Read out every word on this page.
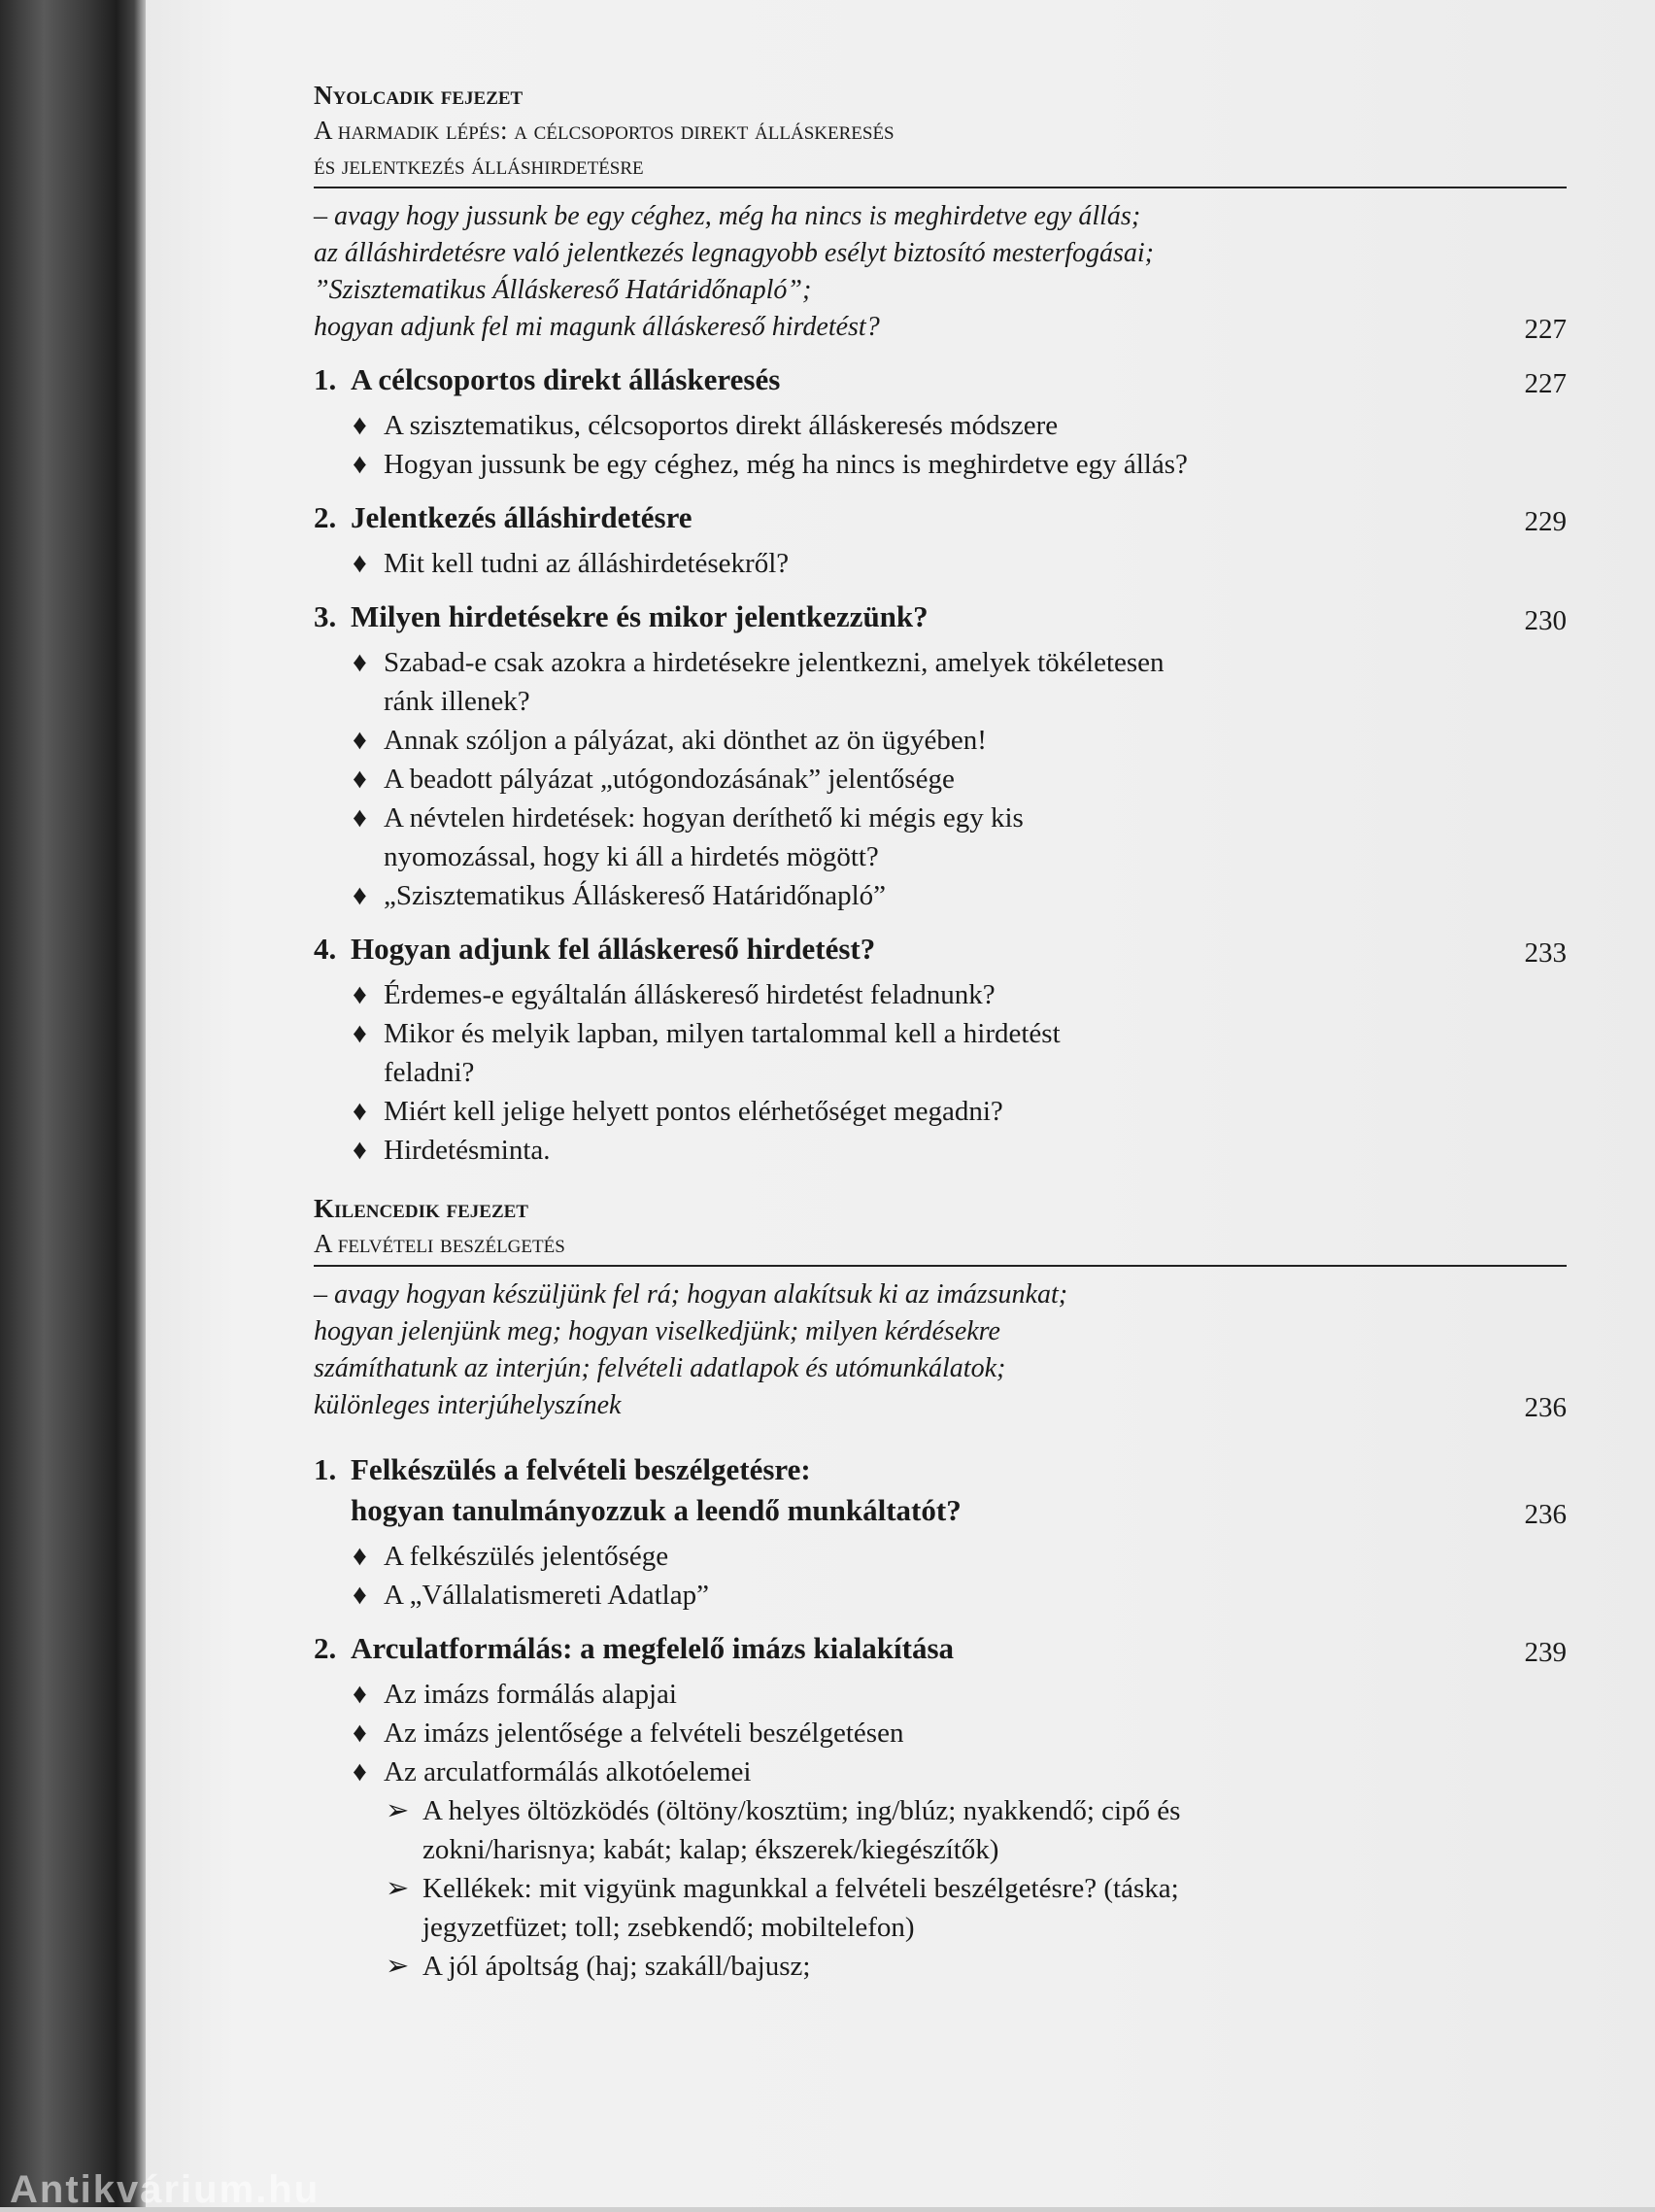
Nyolcadik fejezet
A harmadik lépés: a célcsoportos direkt álláskeresés
és jelentkezés álláshirdetésre
– avagy hogy jussunk be egy céghez, még ha nincs is meghirdetve egy állás;
az álláshirdetésre való jelentkezés legnagyobb esélyt biztosító mesterfogásai;
”Szisztematikus Álláskereső Határidőnapló”;
hogyan adjunk fel mi magunk álláskereső hirdetést?	227
1. A célcsoportos direkt álláskeresés	227
♦ A szisztematikus, célcsoportos direkt álláskeresés módszere
♦ Hogyan jussunk be egy céghez, még ha nincs is meghirdetve egy állás?
2. Jelentkezés álláshirdetésre	229
♦ Mit kell tudni az álláshirdetésekről?
3. Milyen hirdetésekre és mikor jelentkezzünk?	230
♦ Szabad-e csak azokra a hirdetésekre jelentkezni, amelyek tökéletesen ránk illenek?
♦ Annak szóljon a pályázat, aki dönthet az ön ügyében!
♦ A beadott pályázat „utógondozásának” jelentősége
♦ A névtelen hirdetések: hogyan deríthető ki mégis egy kis nyomozással, hogy ki áll a hirdetés mögött?
♦ „Szisztematikus Álláskereső Határidőnapló”
4. Hogyan adjunk fel álláskereső hirdetést?	233
♦ Érdemes-e egyáltalán álláskereső hirdetést feladnunk?
♦ Mikor és melyik lapban, milyen tartalommal kell a hirdetést feladni?
♦ Miért kell jelige helyett pontos elérhetőséget megadni?
♦ Hirdetésminta.
Kilencedik fejezet
A felvételi beszélgetés
– avagy hogyan készüljünk fel rá; hogyan alakítsuk ki az imázsunkat;
hogyan jelenjünk meg; hogyan viselkedjünk; milyen kérdésekre
számíthatunk az interjún; felvételi adatlapok és utómunkálatok;
különleges interjúhelyszínek	236
1. Felkészülés a felvételi beszélgetésre:
hogyan tanulmányozzuk a leendő munkáltatót?	236
♦ A felkészülés jelentősége
♦ A „Vállalatismereti Adatlap”
2. Arculatformálás: a megfelelő imázs kialakítása	239
♦ Az imázs formálás alapjai
♦ Az imázs jelentősége a felvételi beszélgetésen
♦ Az arculatformálás alkotóelemei
➢ A helyes öltözködés (öltöny/kosztüm; ing/blúz; nyakkendő; cipő és zokni/harisnya; kabát; kalap; ékszerek/kiegészítők)
➢ Kellékek: mit vigyünk magunkkal a felvételi beszélgetésre? (táska; jegyzetfüzet; toll; zsebkendő; mobiltelefon)
➢ A jól ápoltság (haj; szakáll/bajusz;
Antikvárium.hu
